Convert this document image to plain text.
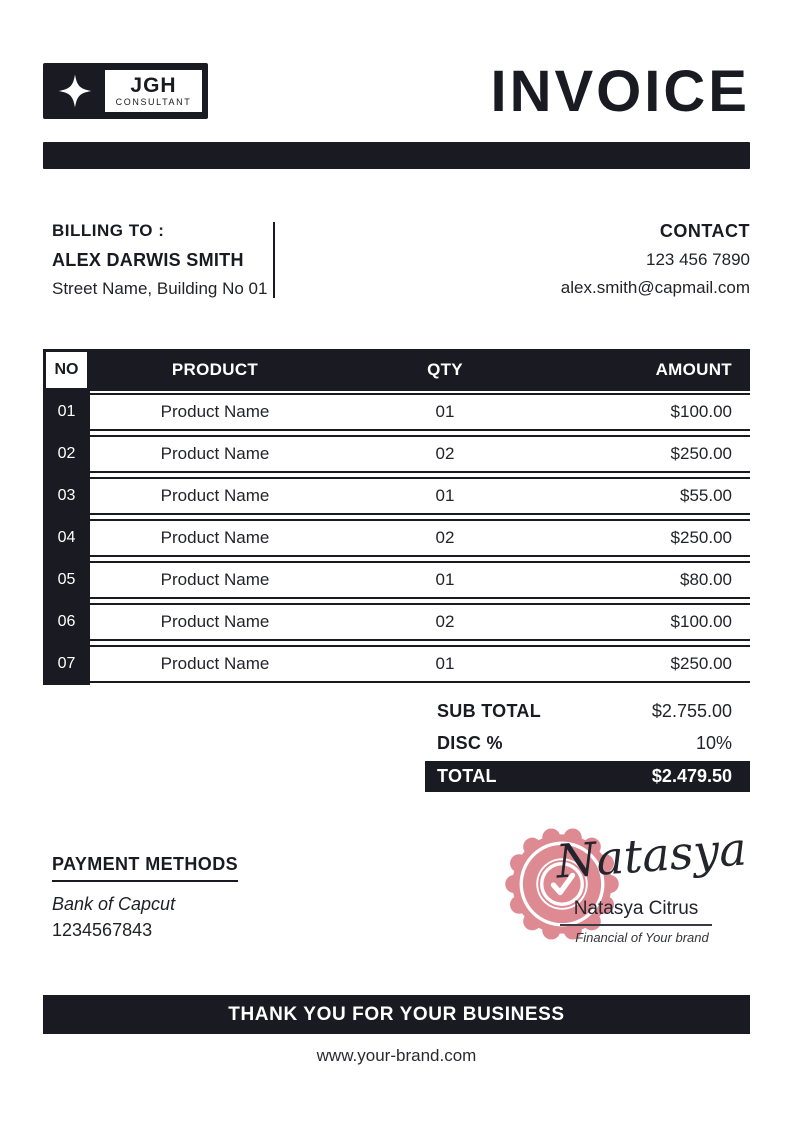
JGH
CONSULTANT	INVOICE
BILLING TO :
ALEX DARWIS SMITH
Street Name, Building No 01
CONTACT
123 456 7890
alex.smith@capmail.com
NO	PRODUCT	QTY	AMOUNT
01	Product Name	01	$100.00
02	Product Name	02	$250.00
03	Product Name	01	$55.00
04	Product Name	02	$250.00
05	Product Name	01	$80.00
06	Product Name	02	$100.00
07	Product Name	01	$250.00
SUB TOTAL	$2.755.00
DISC %	10%
TOTAL	$2.479.50
PAYMENT METHODS
Bank of Capcut
1234567843
Natasya
Natasya Citrus
Financial of Your brand
THANK YOU FOR YOUR BUSINESS
www.your-brand.com
